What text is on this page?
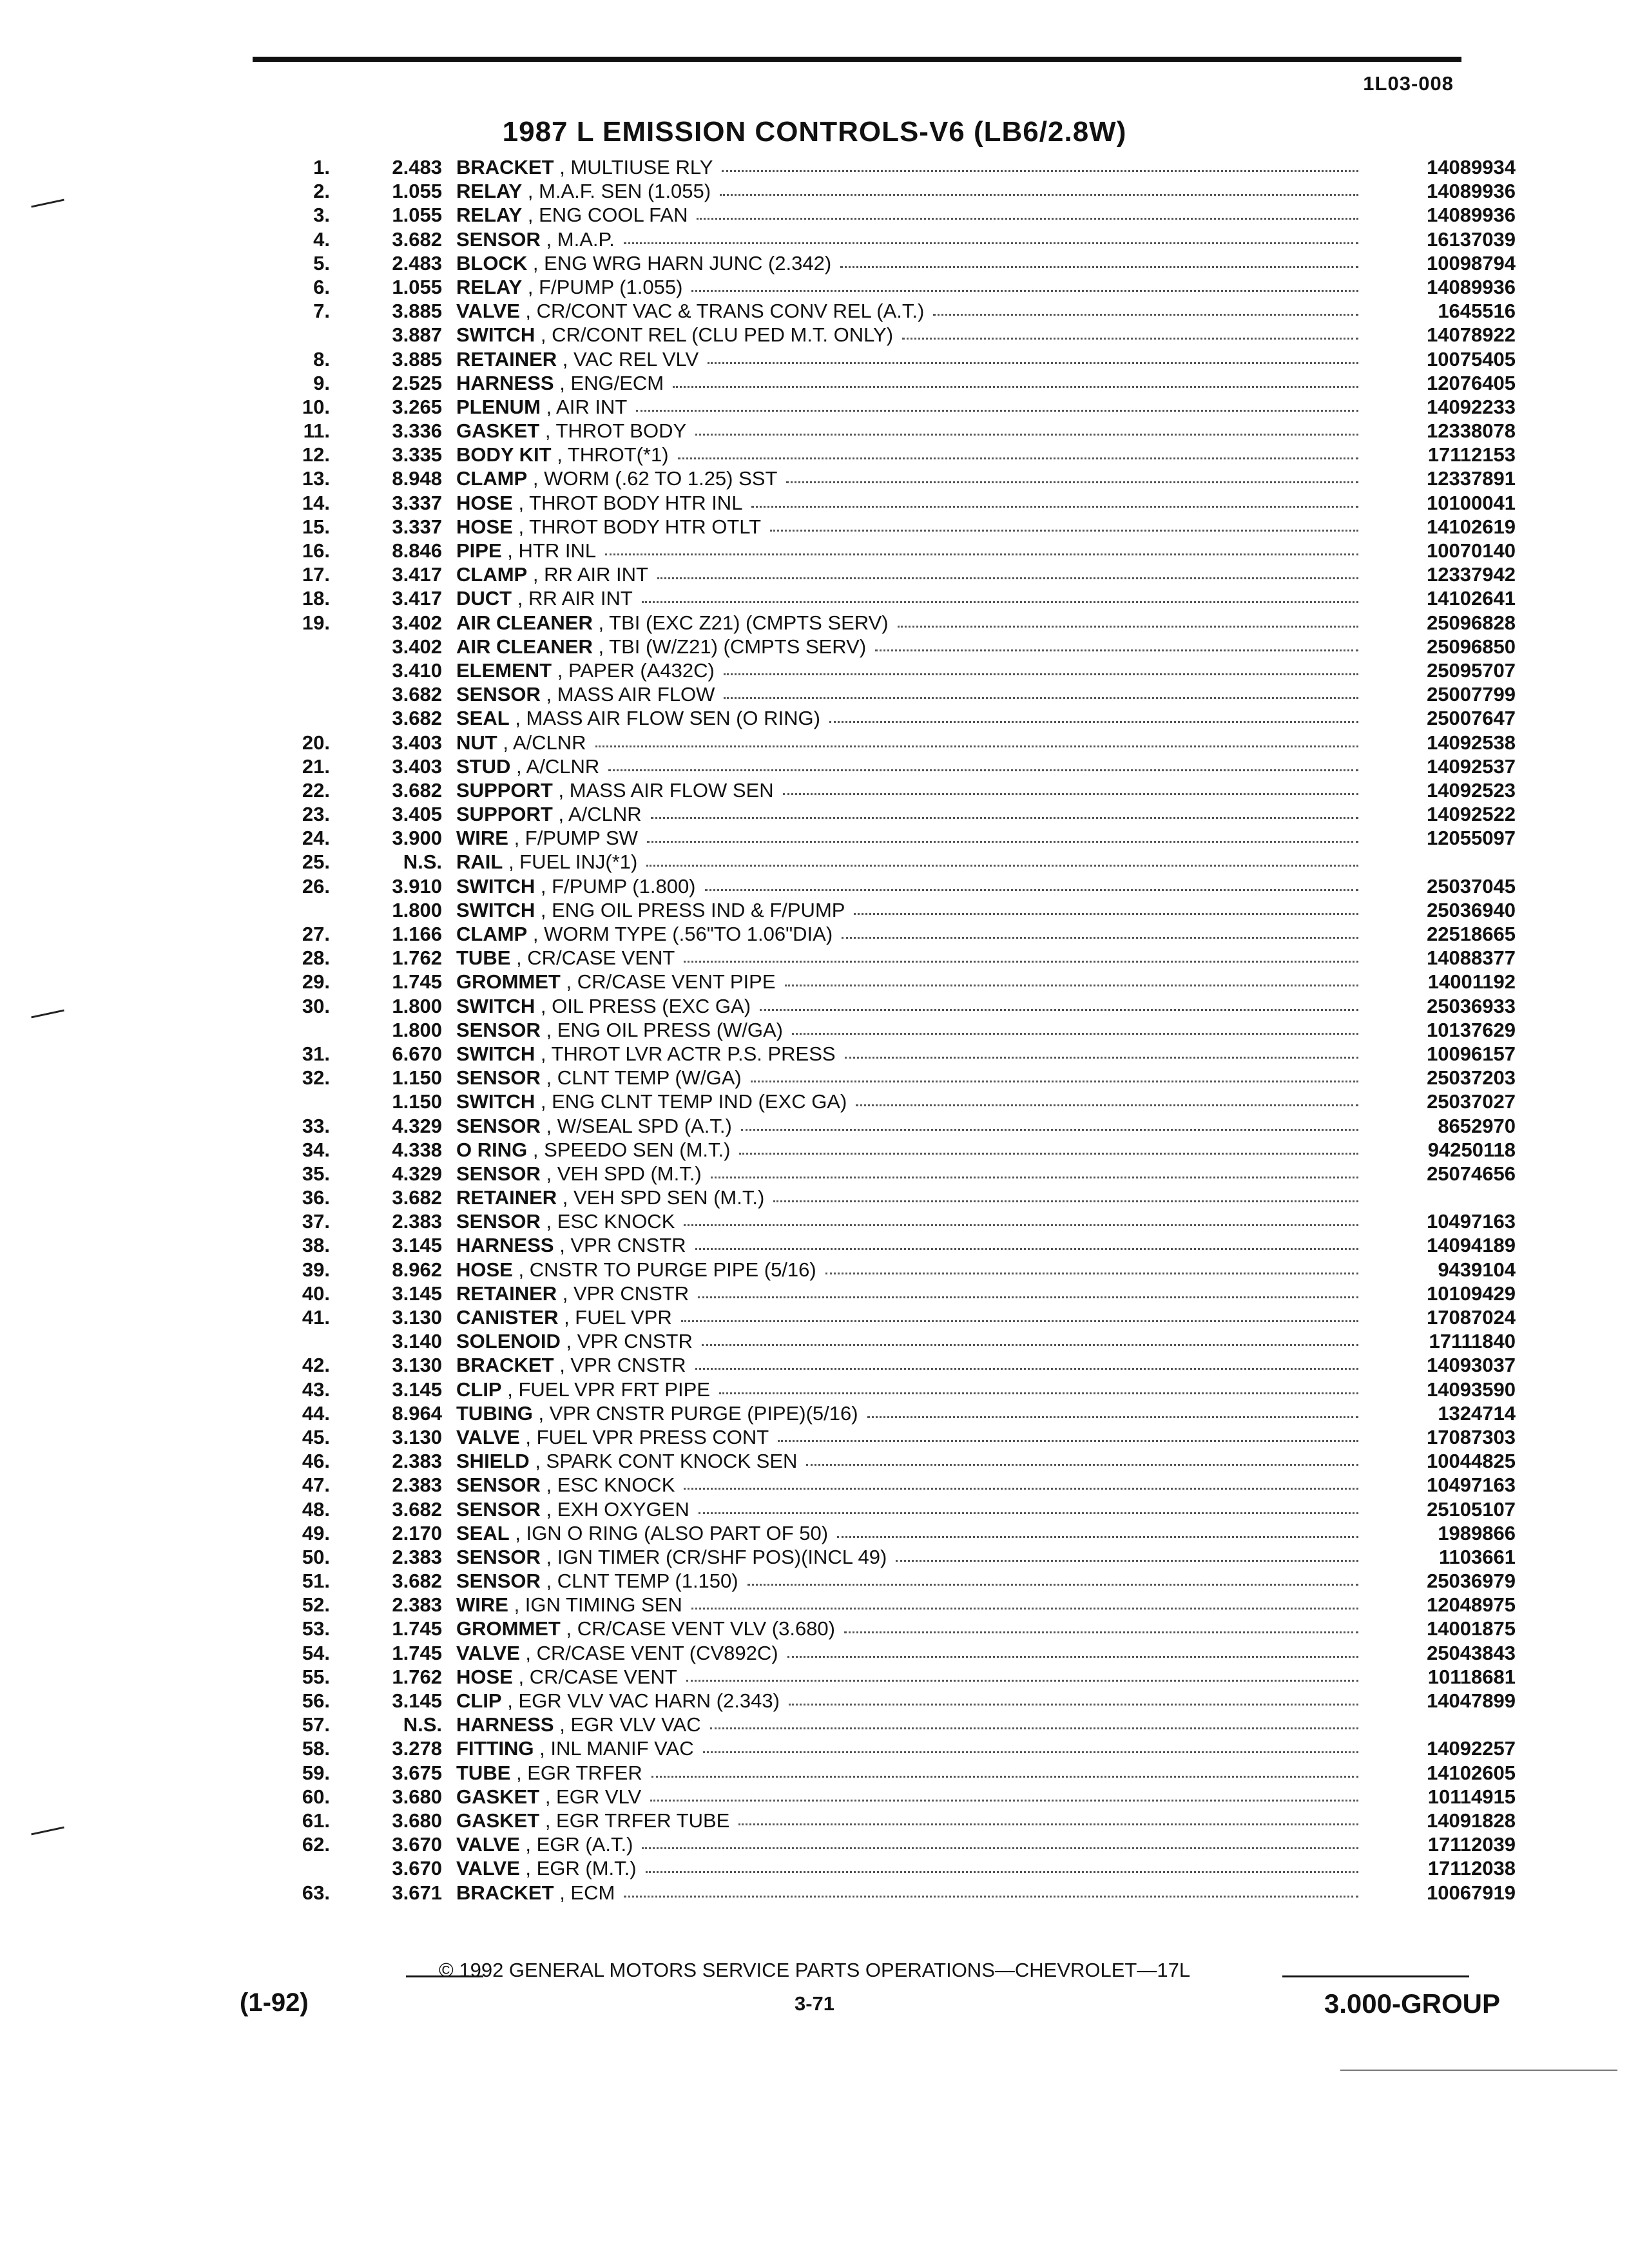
1L03-008
1987 L EMISSION CONTROLS-V6 (LB6/2.8W)
1.	2.483 BRACKET , MULTIUSE RLY	14089934
2.	1.055 RELAY , M.A.F. SEN (1.055)	14089936
3.	1.055 RELAY , ENG COOL FAN	14089936
4.	3.682 SENSOR , M.A.P.	16137039
5.	2.483 BLOCK , ENG WRG HARN JUNC (2.342)	10098794
6.	1.055 RELAY , F/PUMP (1.055)	14089936
7.	3.885 VALVE , CR/CONT VAC & TRANS CONV REL (A.T.)	1645516
3.887 SWITCH , CR/CONT REL (CLU PED M.T. ONLY)	14078922
8.	3.885 RETAINER , VAC REL VLV	10075405
9.	2.525 HARNESS , ENG/ECM	12076405
10.	3.265 PLENUM , AIR INT	14092233
11.	3.336 GASKET , THROT BODY	12338078
12.	3.335 BODY KIT , THROT(*1)	17112153
13.	8.948 CLAMP , WORM (.62 TO 1.25) SST	12337891
14.	3.337 HOSE , THROT BODY HTR INL	10100041
15.	3.337 HOSE , THROT BODY HTR OTLT	14102619
16.	8.846 PIPE , HTR INL	10070140
17.	3.417 CLAMP , RR AIR INT	12337942
18.	3.417 DUCT , RR AIR INT	14102641
19.	3.402 AIR CLEANER , TBI (EXC Z21) (CMPTS SERV)	25096828
3.402 AIR CLEANER , TBI (W/Z21) (CMPTS SERV)	25096850
3.410 ELEMENT , PAPER (A432C)	25095707
3.682 SENSOR , MASS AIR FLOW	25007799
3.682 SEAL , MASS AIR FLOW SEN (O RING)	25007647
20.	3.403 NUT , A/CLNR	14092538
21.	3.403 STUD , A/CLNR	14092537
22.	3.682 SUPPORT , MASS AIR FLOW SEN	14092523
23.	3.405 SUPPORT , A/CLNR	14092522
24.	3.900 WIRE , F/PUMP SW	12055097
25.	N.S. RAIL , FUEL INJ(*1)
26.	3.910 SWITCH , F/PUMP (1.800)	25037045
1.800 SWITCH , ENG OIL PRESS IND & F/PUMP	25036940
27.	1.166 CLAMP , WORM TYPE (.56"TO 1.06"DIA)	22518665
28.	1.762 TUBE , CR/CASE VENT	14088377
29.	1.745 GROMMET , CR/CASE VENT PIPE	14001192
30.	1.800 SWITCH , OIL PRESS (EXC GA)	25036933
1.800 SENSOR , ENG OIL PRESS (W/GA)	10137629
31.	6.670 SWITCH , THROT LVR ACTR P.S. PRESS	10096157
32.	1.150 SENSOR , CLNT TEMP (W/GA)	25037203
1.150 SWITCH , ENG CLNT TEMP IND (EXC GA)	25037027
33.	4.329 SENSOR , W/SEAL SPD (A.T.)	8652970
34.	4.338 O RING , SPEEDO SEN (M.T.)	94250118
35.	4.329 SENSOR , VEH SPD (M.T.)	25074656
36.	3.682 RETAINER , VEH SPD SEN (M.T.)
37.	2.383 SENSOR , ESC KNOCK	10497163
38.	3.145 HARNESS , VPR CNSTR	14094189
39.	8.962 HOSE , CNSTR TO PURGE PIPE (5/16)	9439104
40.	3.145 RETAINER , VPR CNSTR	10109429
41.	3.130 CANISTER , FUEL VPR	17087024
3.140 SOLENOID , VPR CNSTR	17111840
42.	3.130 BRACKET , VPR CNSTR	14093037
43.	3.145 CLIP , FUEL VPR FRT PIPE	14093590
44.	8.964 TUBING , VPR CNSTR PURGE (PIPE)(5/16)	1324714
45.	3.130 VALVE , FUEL VPR PRESS CONT	17087303
46.	2.383 SHIELD , SPARK CONT KNOCK SEN	10044825
47.	2.383 SENSOR , ESC KNOCK	10497163
48.	3.682 SENSOR , EXH OXYGEN	25105107
49.	2.170 SEAL , IGN O RING (ALSO PART OF 50)	1989866
50.	2.383 SENSOR , IGN TIMER (CR/SHF POS)(INCL 49)	1103661
51.	3.682 SENSOR , CLNT TEMP (1.150)	25036979
52.	2.383 WIRE , IGN TIMING SEN	12048975
53.	1.745 GROMMET , CR/CASE VENT VLV (3.680)	14001875
54.	1.745 VALVE , CR/CASE VENT (CV892C)	25043843
55.	1.762 HOSE , CR/CASE VENT	10118681
56.	3.145 CLIP , EGR VLV VAC HARN (2.343)	14047899
57.	N.S. HARNESS , EGR VLV VAC
58.	3.278 FITTING , INL MANIF VAC	14092257
59.	3.675 TUBE , EGR TRFER	14102605
60.	3.680 GASKET , EGR VLV	10114915
61.	3.680 GASKET , EGR TRFER TUBE	14091828
62.	3.670 VALVE , EGR (A.T.)	17112039
3.670 VALVE , EGR (M.T.)	17112038
63.	3.671 BRACKET , ECM	10067919
© 1992 GENERAL MOTORS SERVICE PARTS OPERATIONS—CHEVROLET—17L
(1-92)	3-71	3.000-GROUP
